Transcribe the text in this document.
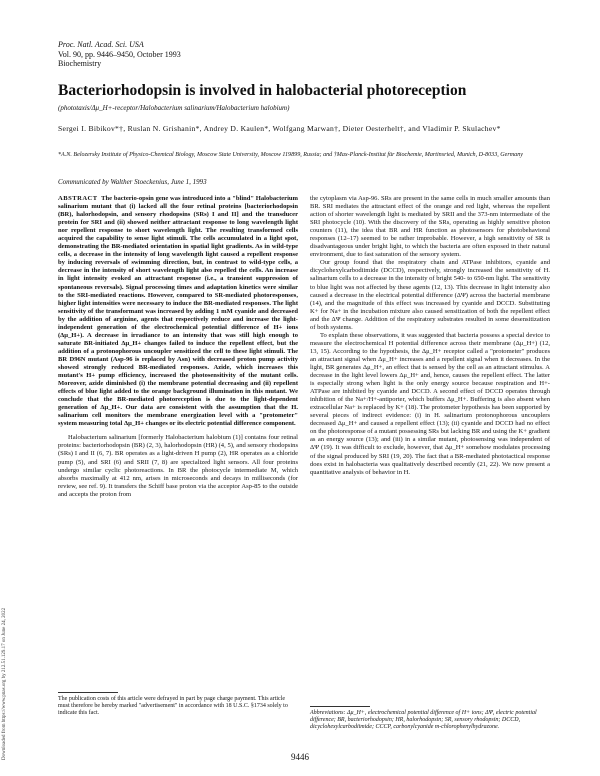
Proc. Natl. Acad. Sci. USA
Vol. 90, pp. 9446–9450, October 1993
Biochemistry
Bacteriorhodopsin is involved in halobacterial photoreception
(phototaxis/Δμ_H+-receptor/Halobacterium salinarium/Halobacterium halobium)
Sergei I. Bibikov*†, Ruslan N. Grishanin*, Andrey D. Kaulen*, Wolfgang Marwan†, Dieter Oesterhelt†, and Vladimir P. Skulachev*
*A.N. Belozersky Institute of Physico-Chemical Biology, Moscow State University, Moscow 119899, Russia; and †Max-Planck-Institut für Biochemie, Martinsried, Munich, D-8033, Germany
Communicated by Walther Stoeckenius, June 1, 1993

ABSTRACT The bacterio-opsin gene was introduced into a "blind" Halobacterium salinarium mutant that (i) lacked all the four retinal proteins [bacteriorhodopsin (BR), halorhodopsin, and sensory rhodopsins (SRs) I and II] and the transducer protein for SRI and (ii) showed neither attractant response to long wavelength light nor repellent response to short wavelength light. The resulting transformed cells acquired the capability to sense light stimuli. The cells accumulated in a light spot, demonstrating the BR-mediated orientation in spatial light gradients. As in wild-type cells, a decrease in the intensity of long wavelength light caused a repellent response by inducing reversals of swimming direction, but, in contrast to wild-type cells, a decrease in the intensity of short wavelength light also repelled the cells. An increase in light intensity evoked an attractant response (i.e., a transient suppression of spontaneous reversals). Signal processing times and adaptation kinetics were similar to the SRI-mediated reactions. However, compared to SR-mediated photoresponses, higher light intensities were necessary to induce the BR-mediated responses. The light sensitivity of the transformant was increased by adding 1 mM cyanide and decreased by the addition of arginine, agents that respectively reduce and increase the light-independent generation of the electrochemical potential difference of H+ ions (Δμ_H+). A decrease in irradiance to an intensity that was still high enough to saturate BR-initiated Δμ_H+ changes failed to induce the repellent effect, but the addition of a protonophorous uncoupler sensitized the cell to these light stimuli. The BR D96N mutant (Asp-96 is replaced by Asn) with decreased proton pump activity showed strongly reduced BR-mediated responses. Azide, which increases this mutant's H+ pump efficiency, increased the photosensitivity of the mutant cells. Moreover, azide diminished (i) the membrane potential decreasing and (ii) repellent effects of blue light added to the orange background illumination in this mutant. We conclude that the BR-mediated photoreception is due to the light-dependent generation of Δμ_H+. Our data are consistent with the assumption that the H. salinarium cell monitors the membrane energization level with a "protometer" system measuring total Δμ_H+ changes or its electric potential difference component.

Halobacterium salinarium [formerly Halobacterium halobium (1)] contains four retinal proteins: bacteriorhodopsin (BR) (2, 3), halorhodopsin (HR) (4, 5), and sensory rhodopsins (SRs) I and II (6, 7). BR operates as a light-driven H pump (2), HR operates as a chloride pump (5), and SRI (6) and SRII (7, 8) are specialized light sensors. All four proteins undergo similar cyclic photoreactions. In BR the photocycle intermediate M, which absorbs maximally at 412 nm, arises in microseconds and decays in milliseconds (for review, see ref. 9). It transfers the Schiff base proton via the acceptor Asp-85 to the outside and accepts the proton from

the cytoplasm via Asp-96. SRs are present in the same cells in much smaller amounts than BR. SRI mediates the attractant effect of the orange and red light, whereas the repellent action of shorter wavelength light is mediated by SRII and the 373-nm intermediate of the SRI photocycle (10). With the discovery of the SRs, operating as highly sensitive photon counters (11), the idea that BR and HR function as photosensors for photobehavioral responses (12–17) seemed to be rather improbable. However, a high sensitivity of SR is disadvantageous under bright light, to which the bacteria are often exposed in their natural environment, due to fast saturation of the sensory system.

Our group found that the respiratory chain and ATPase inhibitors, cyanide and dicyclohexylcarbodiimide (DCCD), respectively, strongly increased the sensitivity of H. salinarium cells to a decrease in the intensity of bright 540- to 650-nm light. The sensitivity to blue light was not affected by these agents (12, 13). This decrease in light intensity also caused a decrease in the electrical potential difference (ΔΨ) across the bacterial membrane (14), and the magnitude of this effect was increased by cyanide and DCCD. Substituting K+ for Na+ in the incubation mixture also caused sensitization of both the repellent effect and the ΔΨ change. Addition of the respiratory substrates resulted in some desensitization of both systems.

To explain these observations, it was suggested that bacteria possess a special device to measure the electrochemical H potential difference across their membrane (Δμ_H+) (12, 13, 15). According to the hypothesis, the Δμ_H+ receptor called a "protometer" produces an attractant signal when Δμ_H+ increases and a repellent signal when it decreases. In the light, BR generates Δμ_H+, an effect that is sensed by the cell as an attractant stimulus. A decrease in the light level lowers Δμ_H+ and, hence, causes the repellent effect. The latter is especially strong when light is the only energy source because respiration and H+-ATPase are inhibited by cyanide and DCCD. A second effect of DCCD operates through inhibition of the Na+/H+-antiporter, which buffers Δμ_H+. Buffering is also absent when extracellular Na+ is replaced by K+ (18). The protometer hypothesis has been supported by several pieces of indirect evidence: (i) in H. salinarium protonophorous uncouplers decreased Δμ_H+ and caused a repellent effect (13); (ii) cyanide and DCCD had no effect on the photoresponse of a mutant possessing SRs but lacking BR and using the K+ gradient as an energy source (13); and (iii) in a similar mutant, photosensing was independent of ΔΨ (19). It was difficult to exclude, however, that Δμ_H+ somehow modulates processing of the signal produced by SRI (19, 20). The fact that a BR-mediated phototactical response does exist in halobacteria was qualitatively described recently (21, 22). We now present a quantitative analysis of behavior in H.

The publication costs of this article were defrayed in part by page charge payment. This article must therefore be hereby marked "advertisement" in accordance with 18 U.S.C. §1734 solely to indicate this fact.	Abbreviations: Δμ_H+, electrochemical potential difference of H+ ions; ΔΨ, electric potential difference; BR, bacteriorhodopsin; HR, halorhodopsin; SR, sensory rhodopsin; DCCD, dicyclohexylcarbodiimide; CCCP, carbonylcyanide m-chlorophenylhydrazone.
9446
Downloaded from https://www.pnas.org by 212.51.129.17 on June 24, 2022
